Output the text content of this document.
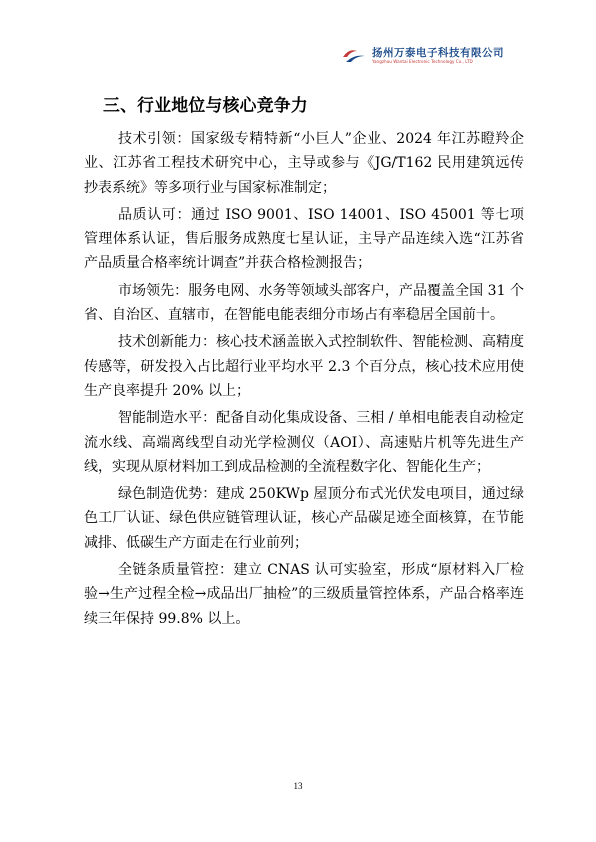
扬州万泰电子科技有限公司
Yangzhou Wantai Electronic Technology Co., LTD
三、行业地位与核心竞争力

技术引领：国家级专精特新“小巨人”企业、2024 年江苏瞪羚企业、江苏省工程技术研究中心，主导或参与《JG/T162 民用建筑远传抄表系统》等多项行业与国家标准制定；

品质认可：通过 ISO 9001、ISO 14001、ISO 45001 等七项管理体系认证，售后服务成熟度七星认证，主导产品连续入选“江苏省产品质量合格率统计调查”并获合格检测报告；

市场领先：服务电网、水务等领域头部客户，产品覆盖全国 31 个省、自治区、直辖市，在智能电能表细分市场占有率稳居全国前十。

技术创新能力：核心技术涵盖嵌入式控制软件、智能检测、高精度传感等，研发投入占比超行业平均水平 2.3 个百分点，核心技术应用使生产良率提升 20% 以上；

智能制造水平：配备自动化集成设备、三相 / 单相电能表自动检定流水线、高端离线型自动光学检测仪（AOI）、高速贴片机等先进生产线，实现从原材料加工到成品检测的全流程数字化、智能化生产；

绿色制造优势：建成 250KWp 屋顶分布式光伏发电项目，通过绿色工厂认证、绿色供应链管理认证，核心产品碳足迹全面核算，在节能减排、低碳生产方面走在行业前列；

全链条质量管控：建立 CNAS 认可实验室，形成“原材料入厂检验→生产过程全检→成品出厂抽检”的三级质量管控体系，产品合格率连续三年保持 99.8% 以上。

13
